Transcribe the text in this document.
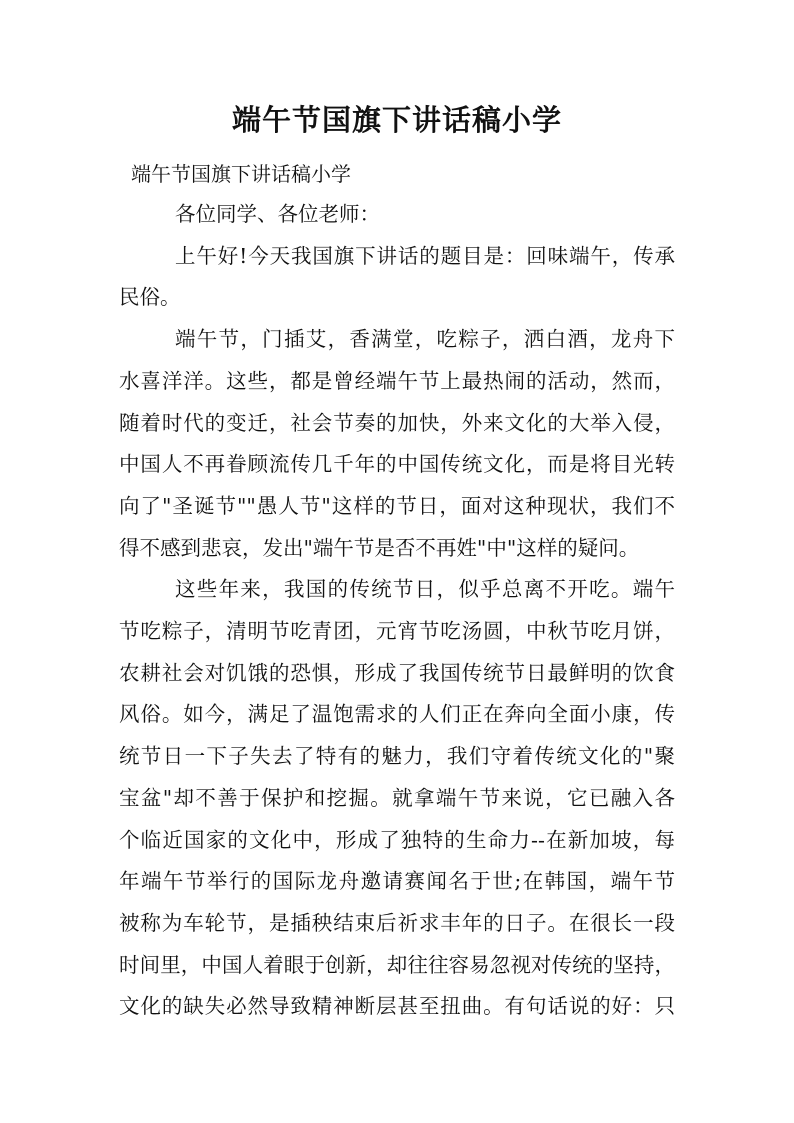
端午节国旗下讲话稿小学
端午节国旗下讲话稿小学
各位同学、各位老师：
上午好!今天我国旗下讲话的题目是：回味端午，传承
民俗。
端午节，门插艾，香满堂，吃粽子，洒白酒，龙舟下
水喜洋洋。这些，都是曾经端午节上最热闹的活动，然而，
随着时代的变迁，社会节奏的加快，外来文化的大举入侵，
中国人不再眷顾流传几千年的中国传统文化，而是将目光转
向了"圣诞节""愚人节"这样的节日，面对这种现状，我们不
得不感到悲哀，发出"端午节是否不再姓"中"这样的疑问。
这些年来，我国的传统节日，似乎总离不开吃。端午
节吃粽子，清明节吃青团，元宵节吃汤圆，中秋节吃月饼，
农耕社会对饥饿的恐惧，形成了我国传统节日最鲜明的饮食
风俗。如今，满足了温饱需求的人们正在奔向全面小康，传
统节日一下子失去了特有的魅力，我们守着传统文化的"聚
宝盆"却不善于保护和挖掘。就拿端午节来说，它已融入各
个临近国家的文化中，形成了独特的生命力--在新加坡，每
年端午节举行的国际龙舟邀请赛闻名于世;在韩国，端午节
被称为车轮节，是插秧结束后祈求丰年的日子。在很长一段
时间里，中国人着眼于创新，却往往容易忽视对传统的坚持，
文化的缺失必然导致精神断层甚至扭曲。有句话说的好：只
